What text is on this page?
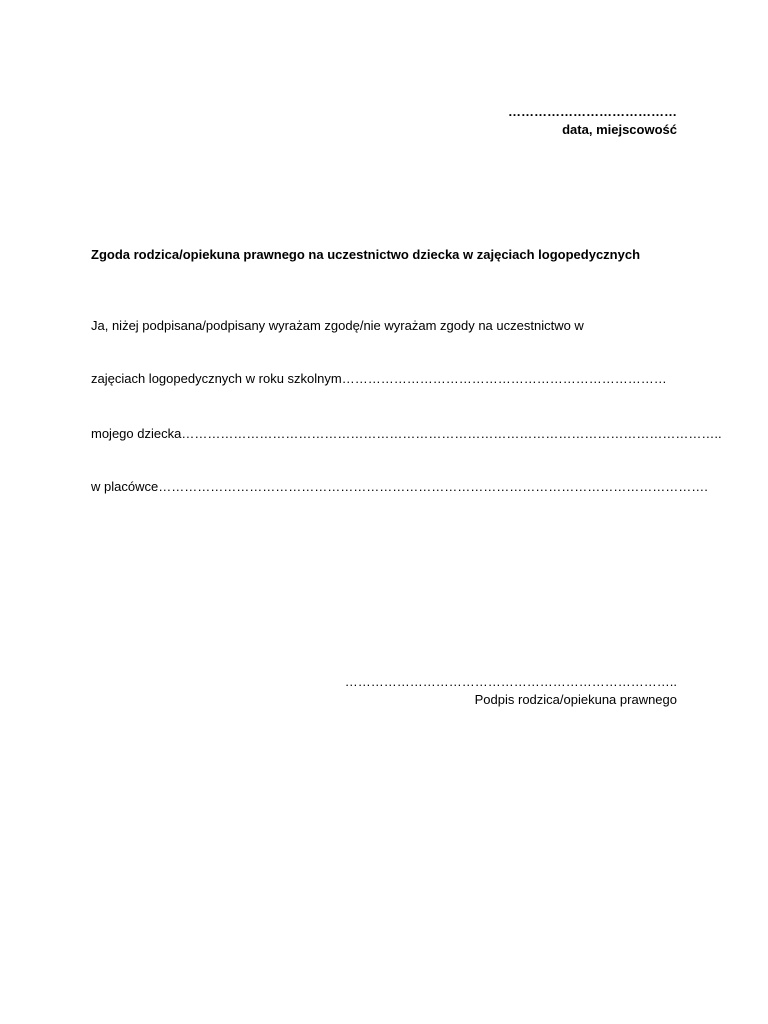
…………………………………
data, miejscowość
Zgoda rodzica/opiekuna prawnego na uczestnictwo dziecka w zajęciach logopedycznych
Ja, niżej podpisana/podpisany wyrażam zgodę/nie wyrażam zgody na uczestnictwo w
zajęciach logopedycznych w roku szkolnym…………………………………………………………………
mojego dziecka……………………………………………………………………………………………………………..
w placówce……………………………………………………………………………………………………………….
…………………………………………………………………..
Podpis rodzica/opiekuna prawnego
